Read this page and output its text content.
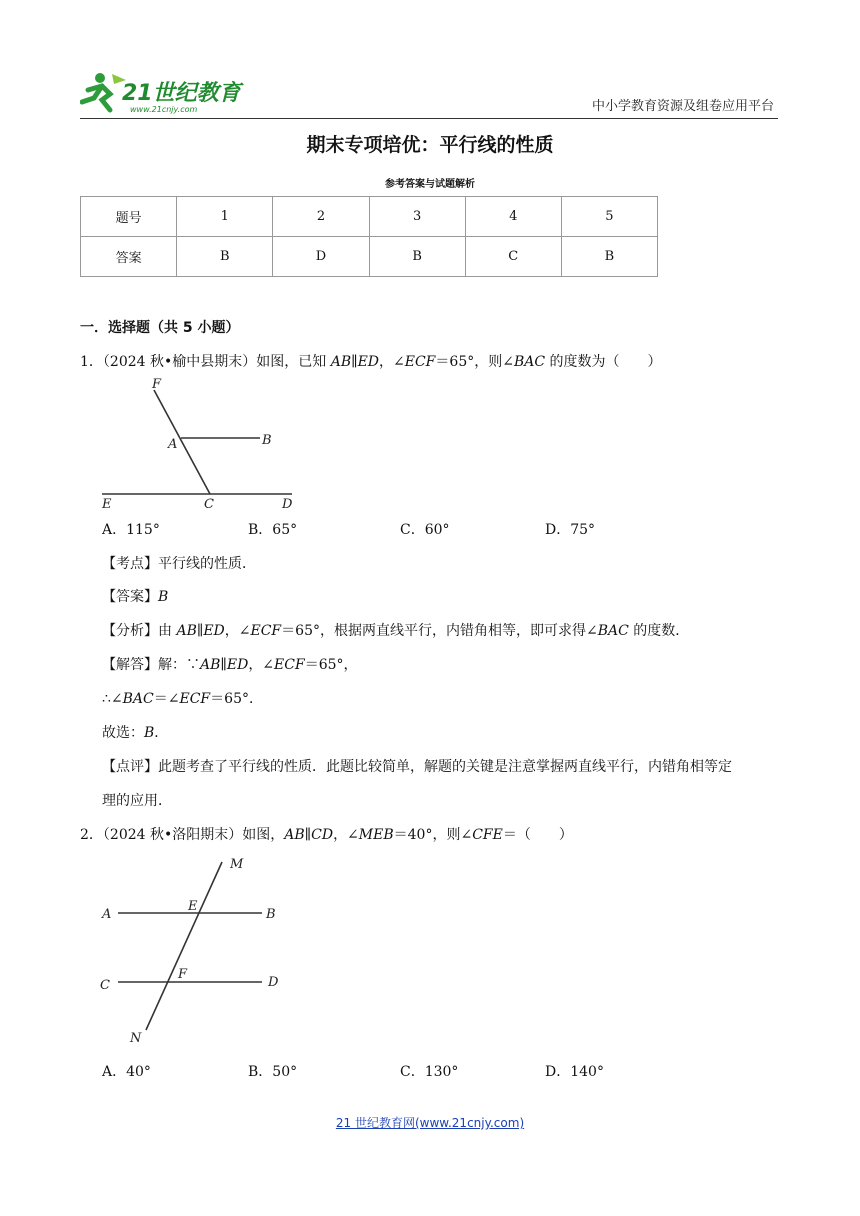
21世纪教育
www.21cnjy.com	中小学教育资源及组卷应用平台
期末专项培优：平行线的性质
参考答案与试题解析
题号	1	2	3	4	5
答案	B	D	B	C	B
一．选择题（共 5 小题）
1．（2024 秋•榆中县期末）如图，已知 AB∥ED，∠ECF＝65°，则∠BAC 的度数为（　　）
F
A	B
E	C	D
A．115°	B．65°	C．60°	D．75°
【考点】平行线的性质．
【答案】B
【分析】由 AB∥ED，∠ECF＝65°，根据两直线平行，内错角相等，即可求得∠BAC 的度数．
【解答】解：∵AB∥ED，∠ECF＝65°，
∴∠BAC＝∠ECF＝65°．
故选：B．
【点评】此题考查了平行线的性质．此题比较简单，解题的关键是注意掌握两直线平行，内错角相等定
理的应用．
2．（2024 秋•洛阳期末）如图，AB∥CD，∠MEB＝40°，则∠CFE＝（　　）
M
A
E
B
C
F
D
N
A．40°	B．50°	C．130°	D．140°
21 世纪教育网(www.21cnjy.com)
